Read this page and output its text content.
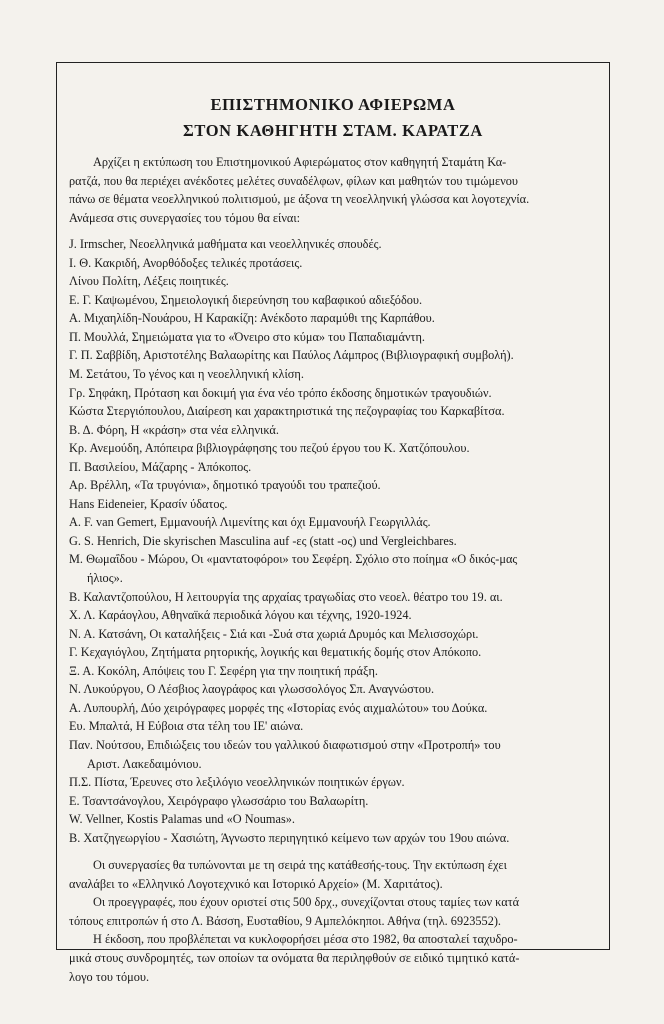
ΕΠΙΣΤΗΜΟΝΙΚΟ ΑΦΙΕΡΩΜΑ
ΣΤΟΝ ΚΑΘΗΓΗΤΗ ΣΤΑΜ. ΚΑΡΑΤΖΑ
Αρχίζει η εκτύπωση του Επιστημονικού Αφιερώματος στον καθηγητή Σταμάτη Κα-
ρατζά, που θα περιέχει ανέκδοτες μελέτες συναδέλφων, φίλων και μαθητών του τιμώμενου
πάνω σε θέματα νεοελληνικού πολιτισμού, με άξονα τη νεοελληνική γλώσσα και λογοτεχνία.
Ανάμεσα στις συνεργασίες του τόμου θα είναι:
J. Irmscher, Νεοελληνικά μαθήματα και νεοελληνικές σπουδές.
Ι. Θ. Κακριδή, Ανορθόδοξες τελικές προτάσεις.
Λίνου Πολίτη, Λέξεις ποιητικές.
Ε. Γ. Καψωμένου, Σημειολογική διερεύνηση του καβαφικού αδιεξόδου.
Α. Μιχαηλίδη-Νουάρου, Η Καρακίζη: Ανέκδοτο παραμύθι της Καρπάθου.
Π. Μουλλά, Σημειώματα για το «Όνειρο στο κύμα» του Παπαδιαμάντη.
Γ. Π. Σαββίδη, Αριστοτέλης Βαλαωρίτης και Παύλος Λάμπρος (Βιβλιογραφική συμβολή).
Μ. Σετάτου, Το γένος και η νεοελληνική κλίση.
Γρ. Σηφάκη, Πρόταση και δοκιμή για ένα νέο τρόπο έκδοσης δημοτικών τραγουδιών.
Κώστα Στεργιόπουλου, Διαίρεση και χαρακτηριστικά της πεζογραφίας του Καρκαβίτσα.
Β. Δ. Φόρη, Η «κράση» στα νέα ελληνικά.
Κρ. Ανεμούδη, Απόπειρα βιβλιογράφησης του πεζού έργου του Κ. Χατζόπουλου.
Π. Βασιλείου, Μάζαρης - Ἀπόκοπος.
Αρ. Βρέλλη, «Τα τρυγόνια», δημοτικό τραγούδι του τραπεζιού.
Hans Eideneier, Κρασίν ύδατος.
A. F. van Gemert, Εμμανουήλ Λιμενίτης και όχι Εμμανουήλ Γεωργιλλάς.
G. S. Henrich, Die skyrischen Masculina auf -ες (statt -ος) und Vergleichbares.
Μ. Θωμαΐδου - Μώρου, Οι «μαντατοφόροι» του Σεφέρη. Σχόλιο στο ποίημα «Ο δικός-μας
ήλιος».
Β. Καλαντζοπούλου, Η λειτουργία της αρχαίας τραγωδίας στο νεοελ. θέατρο του 19. αι.
Χ. Λ. Καράογλου, Αθηναϊκά περιοδικά λόγου και τέχνης, 1920-1924.
Ν. Α. Κατσάνη, Οι καταλήξεις - Σιά και -Συά στα χωριά Δρυμός και Μελισσοχώρι.
Γ. Κεχαγιόγλου, Ζητήματα ρητορικής, λογικής και θεματικής δομής στον Απόκοπο.
Ξ. Α. Κοκόλη, Απόψεις του Γ. Σεφέρη για την ποιητική πράξη.
Ν. Λυκούργου, Ο Λέσβιος λαογράφος και γλωσσολόγος Σπ. Αναγνώστου.
Α. Λυπουρλή, Δύο χειρόγραφες μορφές της «Ιστορίας ενός αιχμαλώτου» του Δούκα.
Ευ. Μπαλτά, Η Εύβοια στα τέλη του ΙΕ' αιώνα.
Παν. Νούτσου, Επιδιώξεις του ιδεών του γαλλικού διαφωτισμού στην «Προτροπή» του
Αριστ. Λακεδαιμόνιου.
Π.Σ. Πίστα, Έρευνες στο λεξιλόγιο νεοελληνικών ποιητικών έργων.
Ε. Τσαντσάνογλου, Χειρόγραφο γλωσσάριο του Βαλαωρίτη.
W. Vellner, Kostis Palamas und «O Noumas».
Β. Χατζηγεωργίου - Χασιώτη, Άγνωστο περιηγητικό κείμενο των αρχών του 19ου αιώνα.
Οι συνεργασίες θα τυπώνονται με τη σειρά της κατάθεσής-τους. Την εκτύπωση έχει
αναλάβει το «Ελληνικό Λογοτεχνικό και Ιστορικό Αρχείο» (Μ. Χαριτάτος).
Οι προεγγραφές, που έχουν οριστεί στις 500 δρχ., συνεχίζονται στους ταμίες των κατά
τόπους επιτροπών ή στο Λ. Βάσση, Ευσταθίου, 9 Αμπελόκηποι. Αθήνα (τηλ. 6923552).
Η έκδοση, που προβλέπεται να κυκλοφορήσει μέσα στο 1982, θα αποσταλεί ταχυδρο-
μικά στους συνδρομητές, των οποίων τα ονόματα θα περιληφθούν σε ειδικό τιμητικό κατά-
λογο του τόμου.
